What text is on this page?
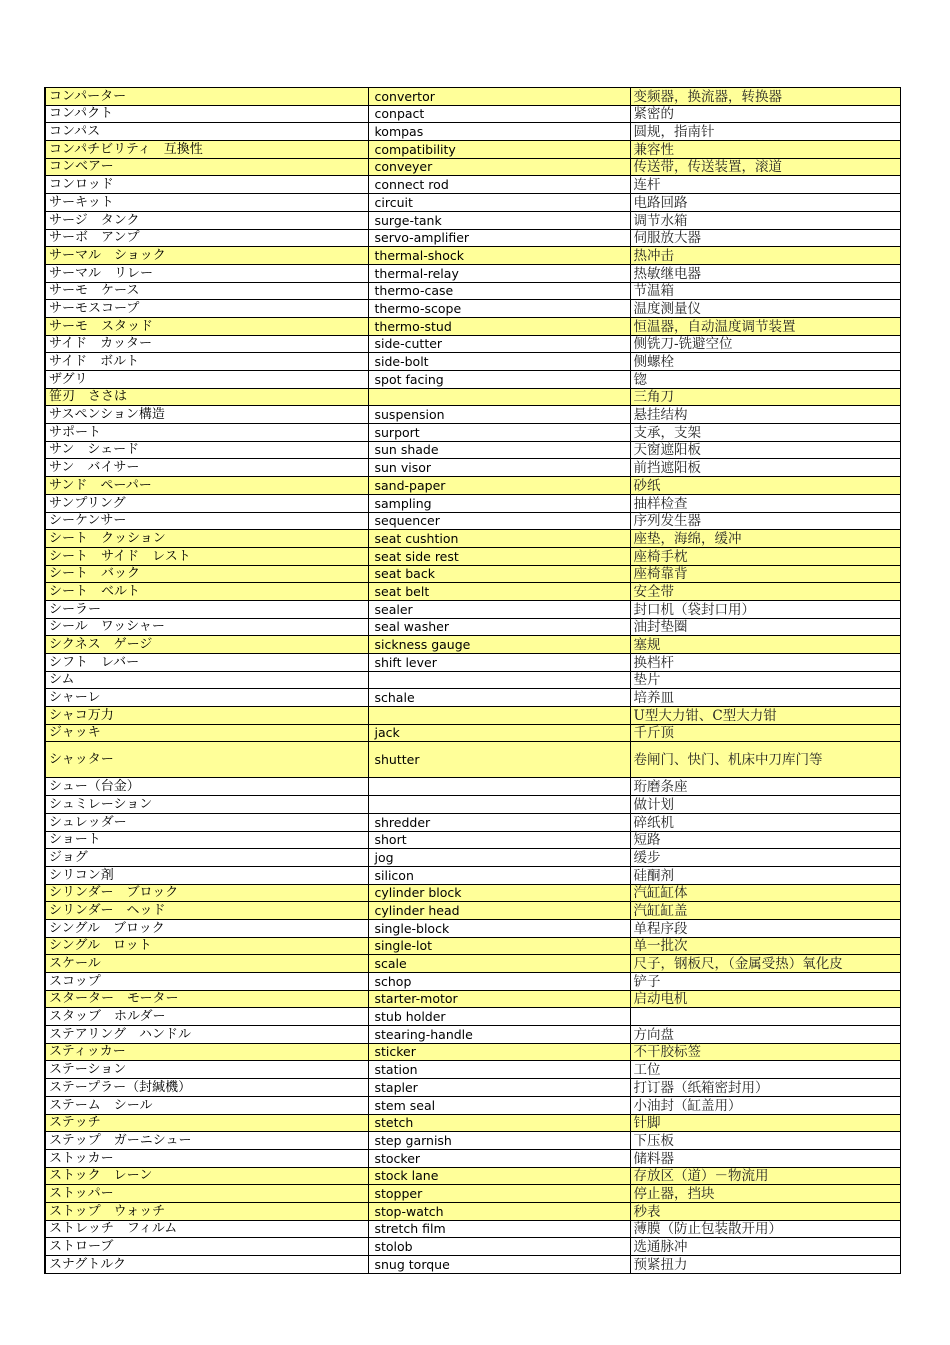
コンパーター	convertor	变频器，换流器，转换器
コンパクト	conpact	紧密的
コンパス	kompas	圆规，指南针
コンパチビリティ　互換性	compatibility	兼容性
コンベアー	conveyer	传送带，传送装置，滚道
コンロッド	connect rod	连杆
サーキット	circuit	电路回路
サージ　タンク	surge-tank	调节水箱
サーボ　アンプ	servo-amplifier	伺服放大器
サーマル　ショック	thermal-shock	热冲击
サーマル　リレー	thermal-relay	热敏继电器
サーモ　ケース	thermo-case	节温箱
サーモスコープ	thermo-scope	温度测量仪
サーモ　スタッド	thermo-stud	恒温器，自动温度调节装置
サイド　カッター	side-cutter	侧铣刀-铣避空位
サイド　ボルト	side-bolt	侧螺栓
ザグリ	spot facing	锪
笹刃　ささは		三角刀
サスペンション構造	suspension	悬挂结构
サポート	surport	支承，支架
サン　シェード	sun shade	天窗遮阳板
サン　バイサー	sun visor	前挡遮阳板
サンド　ペーパー	sand-paper	砂纸
サンプリング	sampling	抽样检查
シーケンサー	sequencer	序列发生器
シート　クッション	seat cushtion	座垫，海绵，缓冲
シート　サイド　レスト	seat side rest	座椅手枕
シート　バック	seat back	座椅靠背
シート　ベルト	seat belt	安全带
シーラー	sealer	封口机（袋封口用）
シール　ワッシャー	seal washer	油封垫圈
シクネス　ゲージ	sickness gauge	塞规
シフト　レバー	shift lever	换档杆
シム		垫片
シャーレ	schale	培养皿
シャコ万力		U型大力钳、C型大力钳
ジャッキ	jack	千斤顶
シャッター	shutter	卷闸门、快门、机床中刀库门等
シュー（台金）		珩磨条座
シュミレーション		做计划
シュレッダー	shredder	碎纸机
ショート	short	短路
ジョグ	jog	缓步
シリコン剤	silicon	硅酮剂
シリンダー　ブロック	cylinder block	汽缸缸体
シリンダー　ヘッド	cylinder head	汽缸缸盖
シングル　ブロック	single-block	单程序段
シングル　ロット	single-lot	单一批次
スケール	scale	尺子，钢板尺，（金属受热）氧化皮
スコップ	schop	铲子
スターター　モーター	starter-motor	启动电机
スタッブ　ホルダー	stub holder	
ステアリング　ハンドル	stearing-handle	方向盘
スティッカー	sticker	不干胶标签
ステーション	station	工位
ステープラー（封緘機）	stapler	打订器（纸箱密封用）
ステーム　シール	stem seal	小油封（缸盖用）
ステッチ	stetch	针脚
ステップ　ガーニシュー	step garnish	下压板
ストッカー	stocker	储料器
ストック　レーン	stock lane	存放区（道）－物流用
ストッパー	stopper	停止器，挡块
ストップ　ウォッチ	stop-watch	秒表
ストレッチ　フィルム	stretch film	薄膜（防止包装散开用）
ストローブ	stolob	选通脉冲
スナグトルク	snug torque	预紧扭力
